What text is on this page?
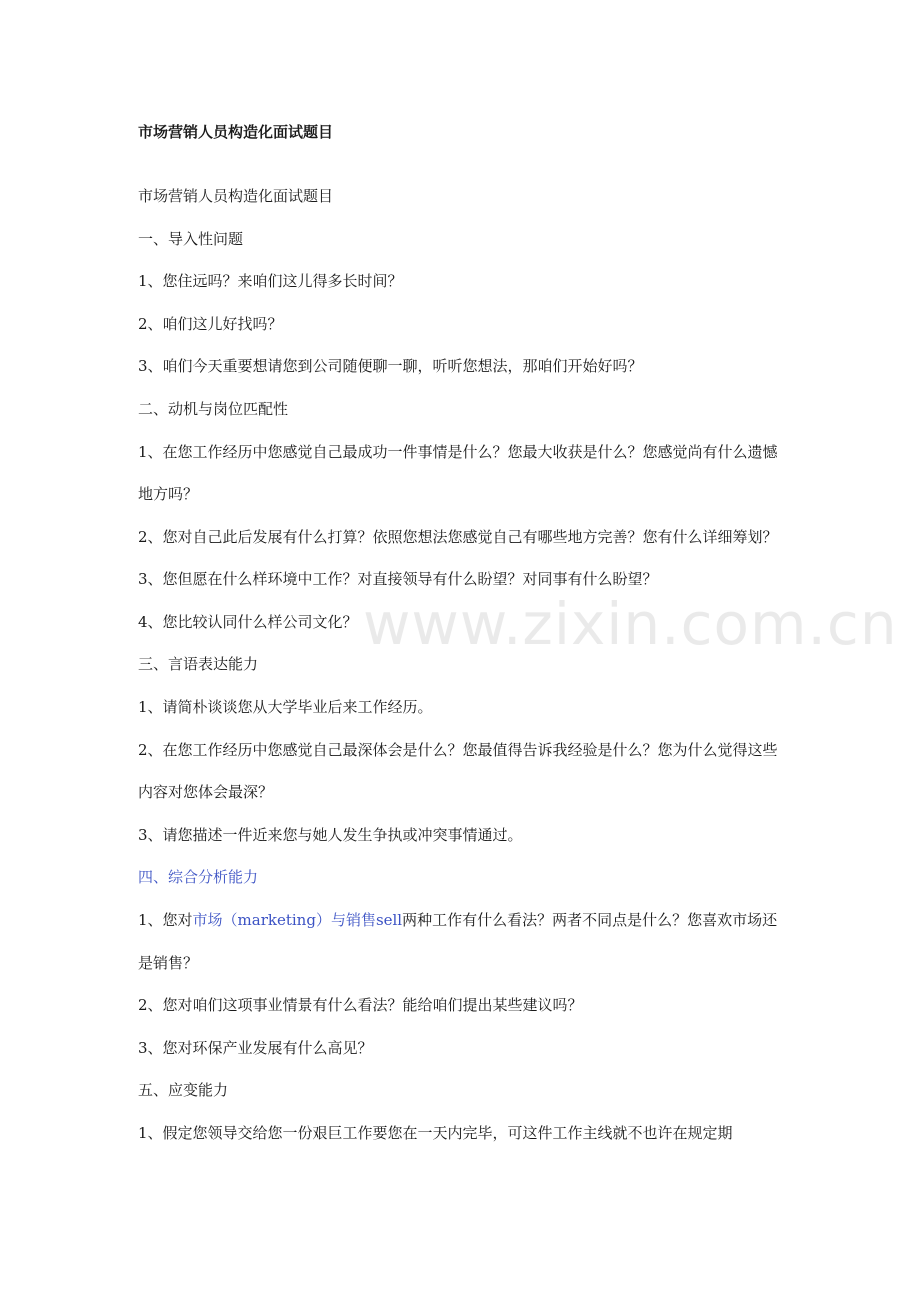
市场营销人员构造化面试题目

市场营销人员构造化面试题目

一、导入性问题

1、您住远吗？来咱们这儿得多长时间？

2、咱们这儿好找吗？

3、咱们今天重要想请您到公司随便聊一聊，听听您想法，那咱们开始好吗？

二、动机与岗位匹配性

1、在您工作经历中您感觉自己最成功一件事情是什么？您最大收获是什么？您感觉尚有什么遗憾地方吗？

2、您对自己此后发展有什么打算？依照您想法您感觉自己有哪些地方完善？您有什么详细筹划？

3、您但愿在什么样环境中工作？对直接领导有什么盼望？对同事有什么盼望？

4、您比较认同什么样公司文化？

三、言语表达能力

1、请简朴谈谈您从大学毕业后来工作经历。

2、在您工作经历中您感觉自己最深体会是什么？您最值得告诉我经验是什么？您为什么觉得这些内容对您体会最深？

3、请您描述一件近来您与她人发生争执或冲突事情通过。

四、综合分析能力

1、您对市场（marketing）与销售sell两种工作有什么看法？两者不同点是什么？您喜欢市场还是销售？

2、您对咱们这项事业情景有什么看法？能给咱们提出某些建议吗？

3、您对环保产业发展有什么高见？

五、应变能力

1、假定您领导交给您一份艰巨工作要您在一天内完毕，可这件工作主线就不也许在规定期

www.zixin.com.cn
